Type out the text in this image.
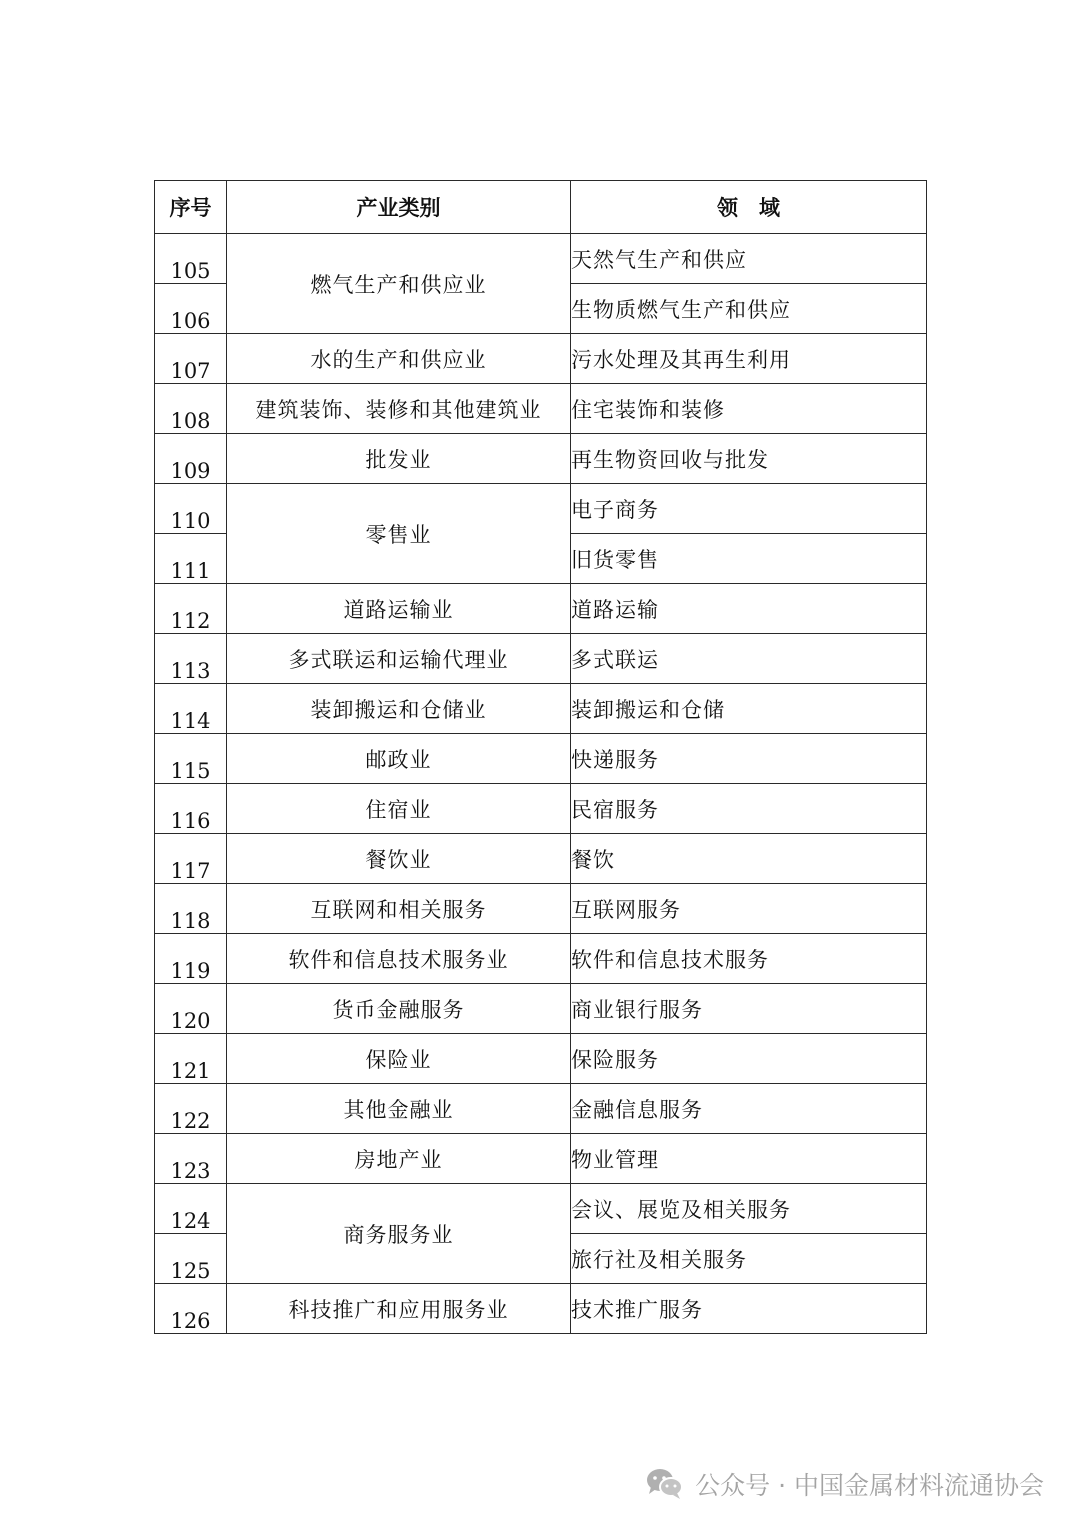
序号	产业类别	领　域
105	燃气生产和供应业	天然气生产和供应
106		生物质燃气生产和供应
107	水的生产和供应业	污水处理及其再生利用
108	建筑装饰、装修和其他建筑业	住宅装饰和装修
109	批发业	再生物资回收与批发
110	零售业	电子商务
111		旧货零售
112	道路运输业	道路运输
113	多式联运和运输代理业	多式联运
114	装卸搬运和仓储业	装卸搬运和仓储
115	邮政业	快递服务
116	住宿业	民宿服务
117	餐饮业	餐饮
118	互联网和相关服务	互联网服务
119	软件和信息技术服务业	软件和信息技术服务
120	货币金融服务	商业银行服务
121	保险业	保险服务
122	其他金融业	金融信息服务
123	房地产业	物业管理
124	商务服务业	会议、展览及相关服务
125		旅行社及相关服务
126	科技推广和应用服务业	技术推广服务
公众号 · 中国金属材料流通协会
